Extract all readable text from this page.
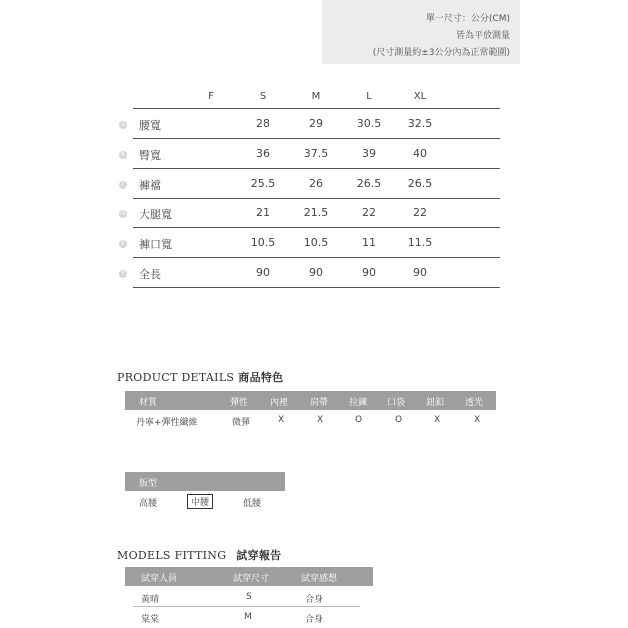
單一尺寸：公分(CM)
皆為平放測量
(尺寸測量約±3公分內為正常範圍)
F	S	M	L	XL
A 腰寬	28	29	30.5	32.5
B 臀寬	36	37.5	39	40
C 褲襠	25.5	26	26.5	26.5
D 大腿寬	21	21.5	22	22
E 褲口寬	10.5	10.5	11	11.5
F 全長	90	90	90	90
PRODUCT DETAILS 商品特色
材質	彈性 內裡 肩帶 拉鍊 口袋 鈕釦 透光
丹寧+彈性纖維	微彈	X	X	O	O	X	X
版型
高腰	中腰	低腰
MODELS FITTING 試穿報告
試穿人員	試穿尺寸	試穿感想
黃晴	S	合身
棠棠	M	合身
